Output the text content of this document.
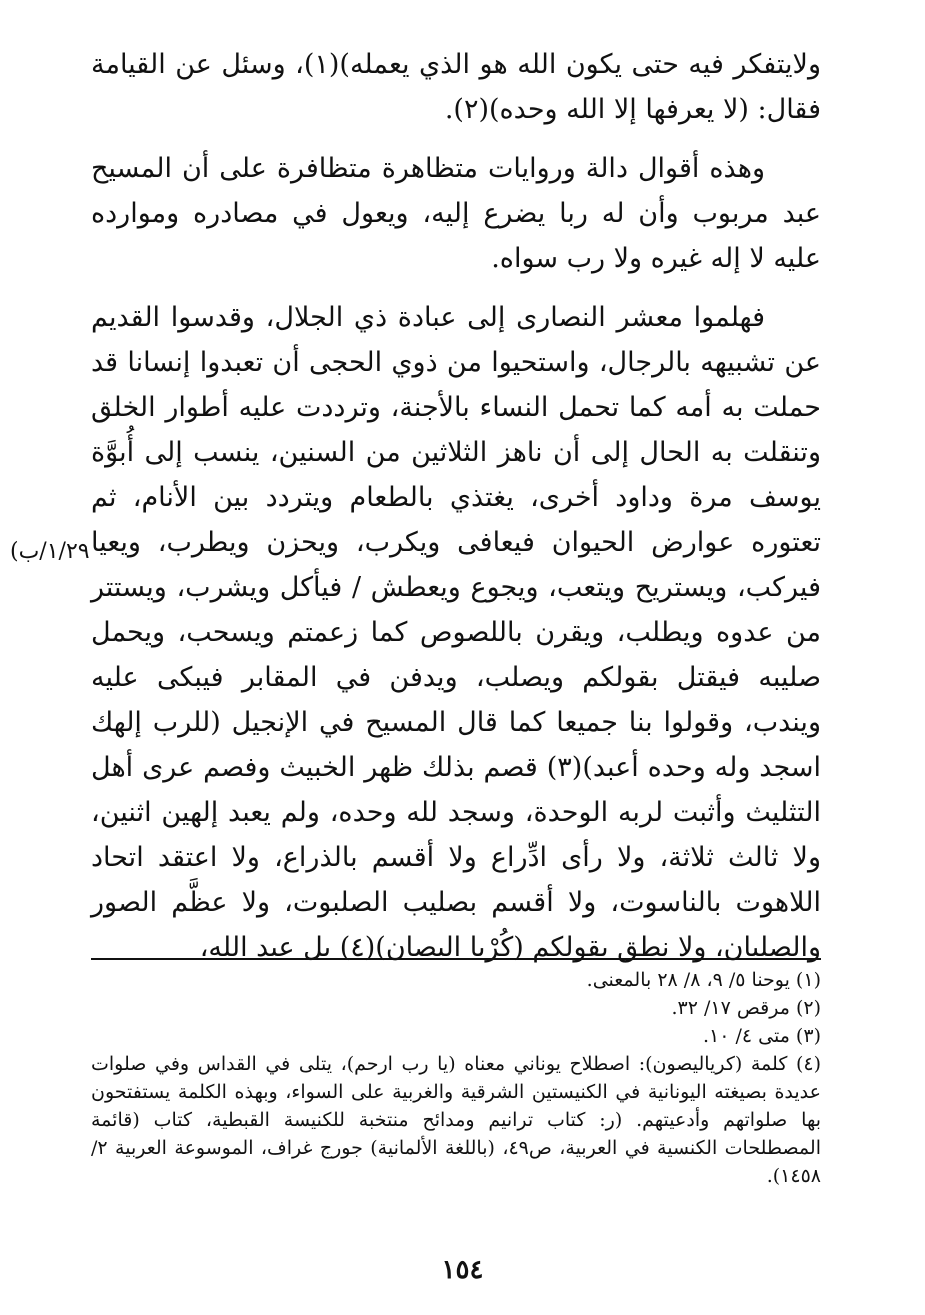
ولايتفكر فيه حتى يكون الله هو الذي يعمله)(١)، وسئل عن القيامة فقال: (لا يعرفها إلا الله وحده)(٢).

وهذه أقوال دالة وروايات متظاهرة متظافرة على أن المسيح عبد مربوب وأن له ربا يضرع إليه، ويعول في مصادره وموارده عليه لا إله غيره ولا رب سواه.

فهلموا معشر النصارى إلى عبادة ذي الجلال، وقدسوا القديم عن تشبيهه بالرجال، واستحيوا من ذوي الحجى أن تعبدوا إنسانا قد حملت به أمه كما تحمل النساء بالأجنة، وترددت عليه أطوار الخلق وتنقلت به الحال إلى أن ناهز الثلاثين من السنين، ينسب إلى أُبوَّة يوسف مرة وداود أخرى، يغتذي بالطعام ويتردد بين الأنام، ثم تعتوره عوارض الحيوان فيعافى ويكرب، ويحزن ويطرب، ويعيا فيركب، ويستريح ويتعب، ويجوع ويعطش / فيأكل ويشرب، ويستتر من عدوه ويطلب، ويقرن باللصوص كما زعمتم ويسحب، ويحمل صليبه فيقتل بقولكم ويصلب، ويدفن في المقابر فيبكى عليه ويندب، وقولوا بنا جميعا كما قال المسيح في الإنجيل (للرب إلهك اسجد وله وحده أعبد)(٣) قصم بذلك ظهر الخبيث وفصم عرى أهل التثليث وأثبت لربه الوحدة، وسجد لله وحده، ولم يعبد إلهين اثنين، ولا ثالث ثلاثة، ولا رأى ادِّراع ولا أقسم بالذراع، ولا اعتقد اتحاد اللاهوت بالناسوت، ولا أقسم بصليب الصلبوت، ولا عظَّم الصور والصلبان، ولا نطق بقولكم (كُرْيا اليصان)(٤) بل عبد الله،

(١/٢٩/ب

(١) يوحنا ٥/ ٩، ٨/ ٢٨ بالمعنى.

(٢) مرقص ١٧/ ٣٢.

(٣) متى ٤/ ١٠.

(٤) كلمة (كرياليصون): اصطلاح يوناني معناه (يا رب ارحم)، يتلى في القداس وفي صلوات عديدة بصيغته اليونانية في الكنيستين الشرقية والغربية على السواء، وبهذه الكلمة يستفتحون بها صلواتهم وأدعيتهم. (ر: كتاب ترانيم ومدائح منتخبة للكنيسة القبطية، كتاب (قائمة المصطلحات الكنسية في العربية، ص٤٩، (باللغة الألمانية) جورج غراف، الموسوعة العربية ٢/ ١٤٥٨).

١٥٤
